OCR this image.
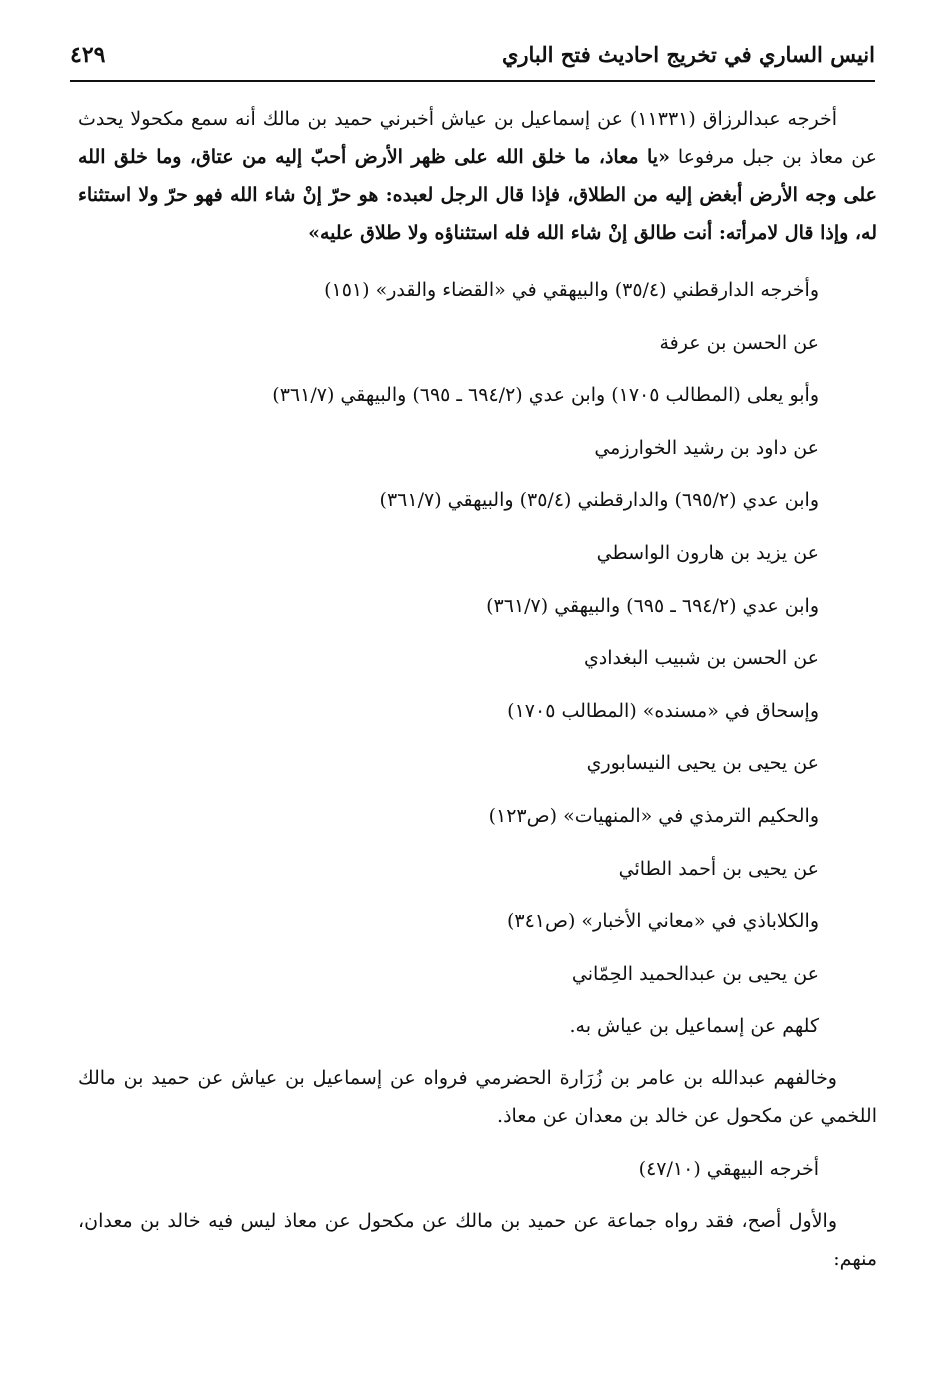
انيس الساري في تخريج احاديث فتح الباري
٤٢٩

أخرجه عبدالرزاق (١١٣٣١) عن إسماعيل بن عياش أخبرني حميد بن مالك أنه سمع مكحولا يحدث عن معاذ بن جبل مرفوعا «يا معاذ، ما خلق الله على ظهر الأرض أحبّ إليه من عتاق، وما خلق الله على وجه الأرض أبغض إليه من الطلاق، فإذا قال الرجل لعبده: هو حرّ إنْ شاء الله فهو حرّ ولا استثناء له، وإذا قال لامرأته: أنت طالق إنْ شاء الله فله استثناؤه ولا طلاق عليه»

وأخرجه الدارقطني (٣٥/٤) والبيهقي في «القضاء والقدر» (١٥١)

عن الحسن بن عرفة

وأبو يعلى (المطالب ١٧٠٥) وابن عدي (٦٩٤/٢ ـ ٦٩٥) والبيهقي (٣٦١/٧)

عن داود بن رشيد الخوارزمي

وابن عدي (٦٩٥/٢) والدارقطني (٣٥/٤) والبيهقي (٣٦١/٧)

عن يزيد بن هارون الواسطي

وابن عدي (٦٩٤/٢ ـ ٦٩٥) والبيهقي (٣٦١/٧)

عن الحسن بن شبيب البغدادي

وإسحاق في «مسنده» (المطالب ١٧٠٥)

عن يحيى بن يحيى النيسابوري

والحكيم الترمذي في «المنهيات» (ص١٢٣)

عن يحيى بن أحمد الطائي

والكلاباذي في «معاني الأخبار» (ص٣٤١)

عن يحيى بن عبدالحميد الحِمّاني

كلهم عن إسماعيل بن عياش به.

وخالفهم عبدالله بن عامر بن زُرَارة الحضرمي فرواه عن إسماعيل بن عياش عن حميد بن مالك اللخمي عن مكحول عن خالد بن معدان عن معاذ.

أخرجه البيهقي (٤٧/١٠)

والأول أصح، فقد رواه جماعة عن حميد بن مالك عن مكحول عن معاذ ليس فيه خالد بن معدان، منهم:
